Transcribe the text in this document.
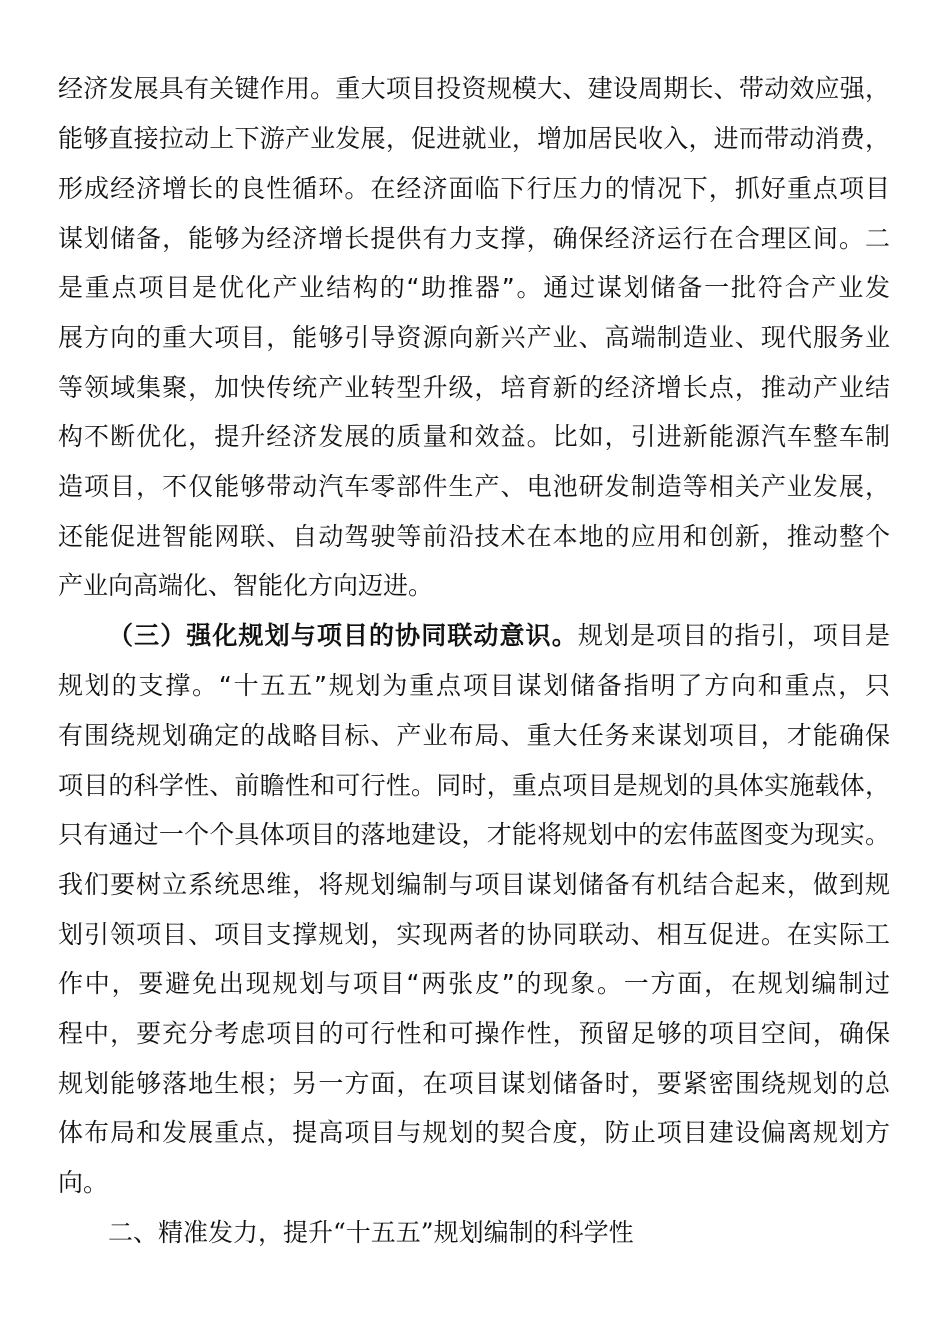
经济发展具有关键作用。重大项目投资规模大、建设周期长、带动效应强，
能够直接拉动上下游产业发展，促进就业，增加居民收入，进而带动消费，
形成经济增长的良性循环。在经济面临下行压力的情况下，抓好重点项目
谋划储备，能够为经济增长提供有力支撑，确保经济运行在合理区间。二
是重点项目是优化产业结构的“助推器”。通过谋划储备一批符合产业发
展方向的重大项目，能够引导资源向新兴产业、高端制造业、现代服务业
等领域集聚，加快传统产业转型升级，培育新的经济增长点，推动产业结
构不断优化，提升经济发展的质量和效益。比如，引进新能源汽车整车制
造项目，不仅能够带动汽车零部件生产、电池研发制造等相关产业发展，
还能促进智能网联、自动驾驶等前沿技术在本地的应用和创新，推动整个
产业向高端化、智能化方向迈进。
（三）强化规划与项目的协同联动意识。规划是项目的指引，项目是
规划的支撑。“十五五”规划为重点项目谋划储备指明了方向和重点，只
有围绕规划确定的战略目标、产业布局、重大任务来谋划项目，才能确保
项目的科学性、前瞻性和可行性。同时，重点项目是规划的具体实施载体，
只有通过一个个具体项目的落地建设，才能将规划中的宏伟蓝图变为现实。
我们要树立系统思维，将规划编制与项目谋划储备有机结合起来，做到规
划引领项目、项目支撑规划，实现两者的协同联动、相互促进。在实际工
作中，要避免出现规划与项目“两张皮”的现象。一方面，在规划编制过
程中，要充分考虑项目的可行性和可操作性，预留足够的项目空间，确保
规划能够落地生根；另一方面，在项目谋划储备时，要紧密围绕规划的总
体布局和发展重点，提高项目与规划的契合度，防止项目建设偏离规划方
向。
二、精准发力，提升“十五五”规划编制的科学性
